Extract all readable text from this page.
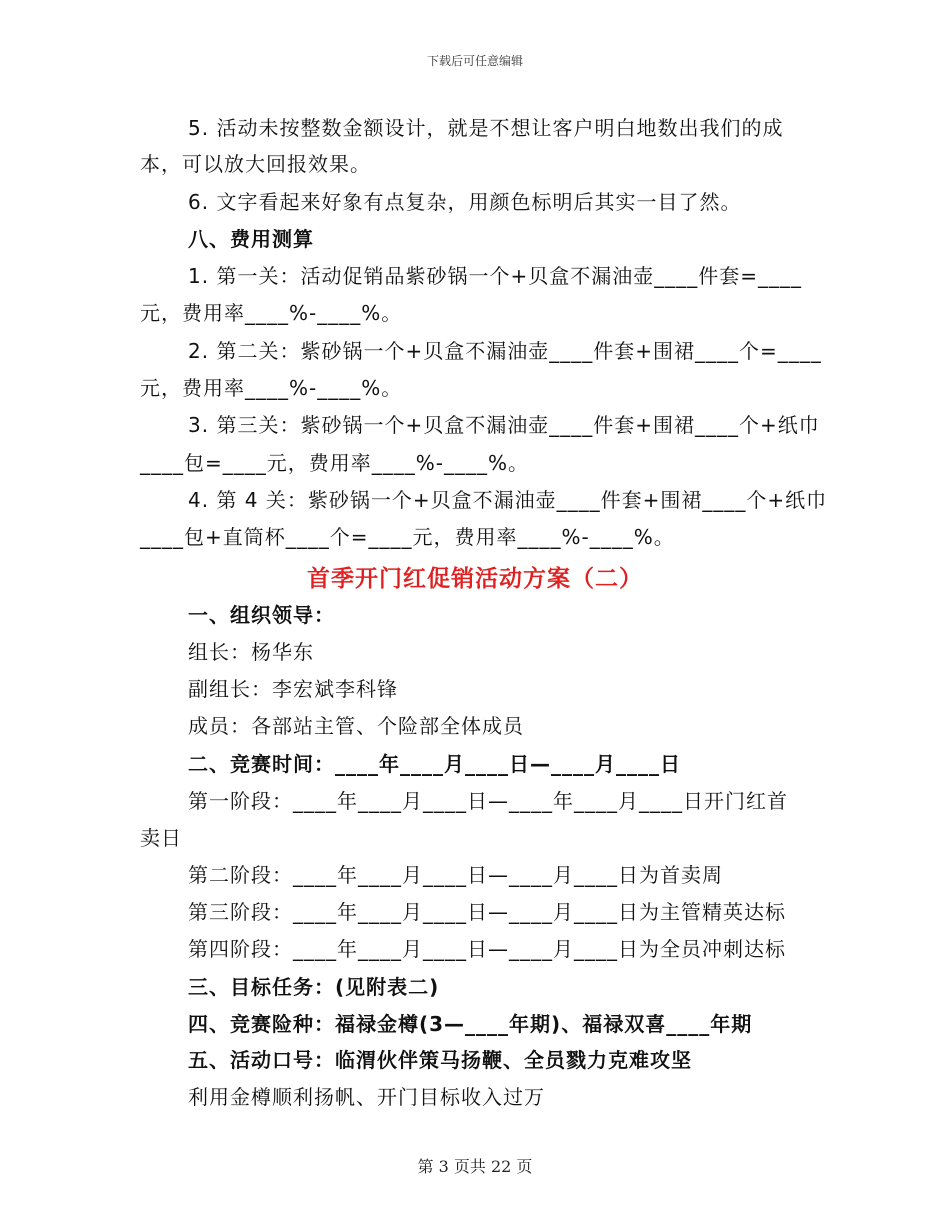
下载后可任意编辑
5. 活动未按整数金额设计，就是不想让客户明白地数出我们的成
本，可以放大回报效果。
6. 文字看起来好象有点复杂，用颜色标明后其实一目了然。
八、费用测算
1. 第一关：活动促销品紫砂锅一个+贝盒不漏油壶____件套=____
元，费用率____%-____%。
2. 第二关：紫砂锅一个+贝盒不漏油壶____件套+围裙____个=____
元，费用率____%-____%。
3. 第三关：紫砂锅一个+贝盒不漏油壶____件套+围裙____个+纸巾
____包=____元，费用率____%-____%。
4. 第 4 关：紫砂锅一个+贝盒不漏油壶____件套+围裙____个+纸巾
____包+直筒杯____个=____元，费用率____%-____%。
首季开门红促销活动方案（二）
一、组织领导：
组长：杨华东
副组长：李宏斌李科锋
成员：各部站主管、个险部全体成员
二、竞赛时间：____年____月____日—____月____日
第一阶段：____年____月____日—____年____月____日开门红首
卖日
第二阶段：____年____月____日—____月____日为首卖周
第三阶段：____年____月____日—____月____日为主管精英达标
第四阶段：____年____月____日—____月____日为全员冲刺达标
三、目标任务：(见附表二)
四、竞赛险种：福禄金樽(3—____年期)、福禄双喜____年期
五、活动口号：临渭伙伴策马扬鞭、全员戮力克难攻坚
利用金樽顺利扬帆、开门目标收入过万
第 3 页共 22 页
